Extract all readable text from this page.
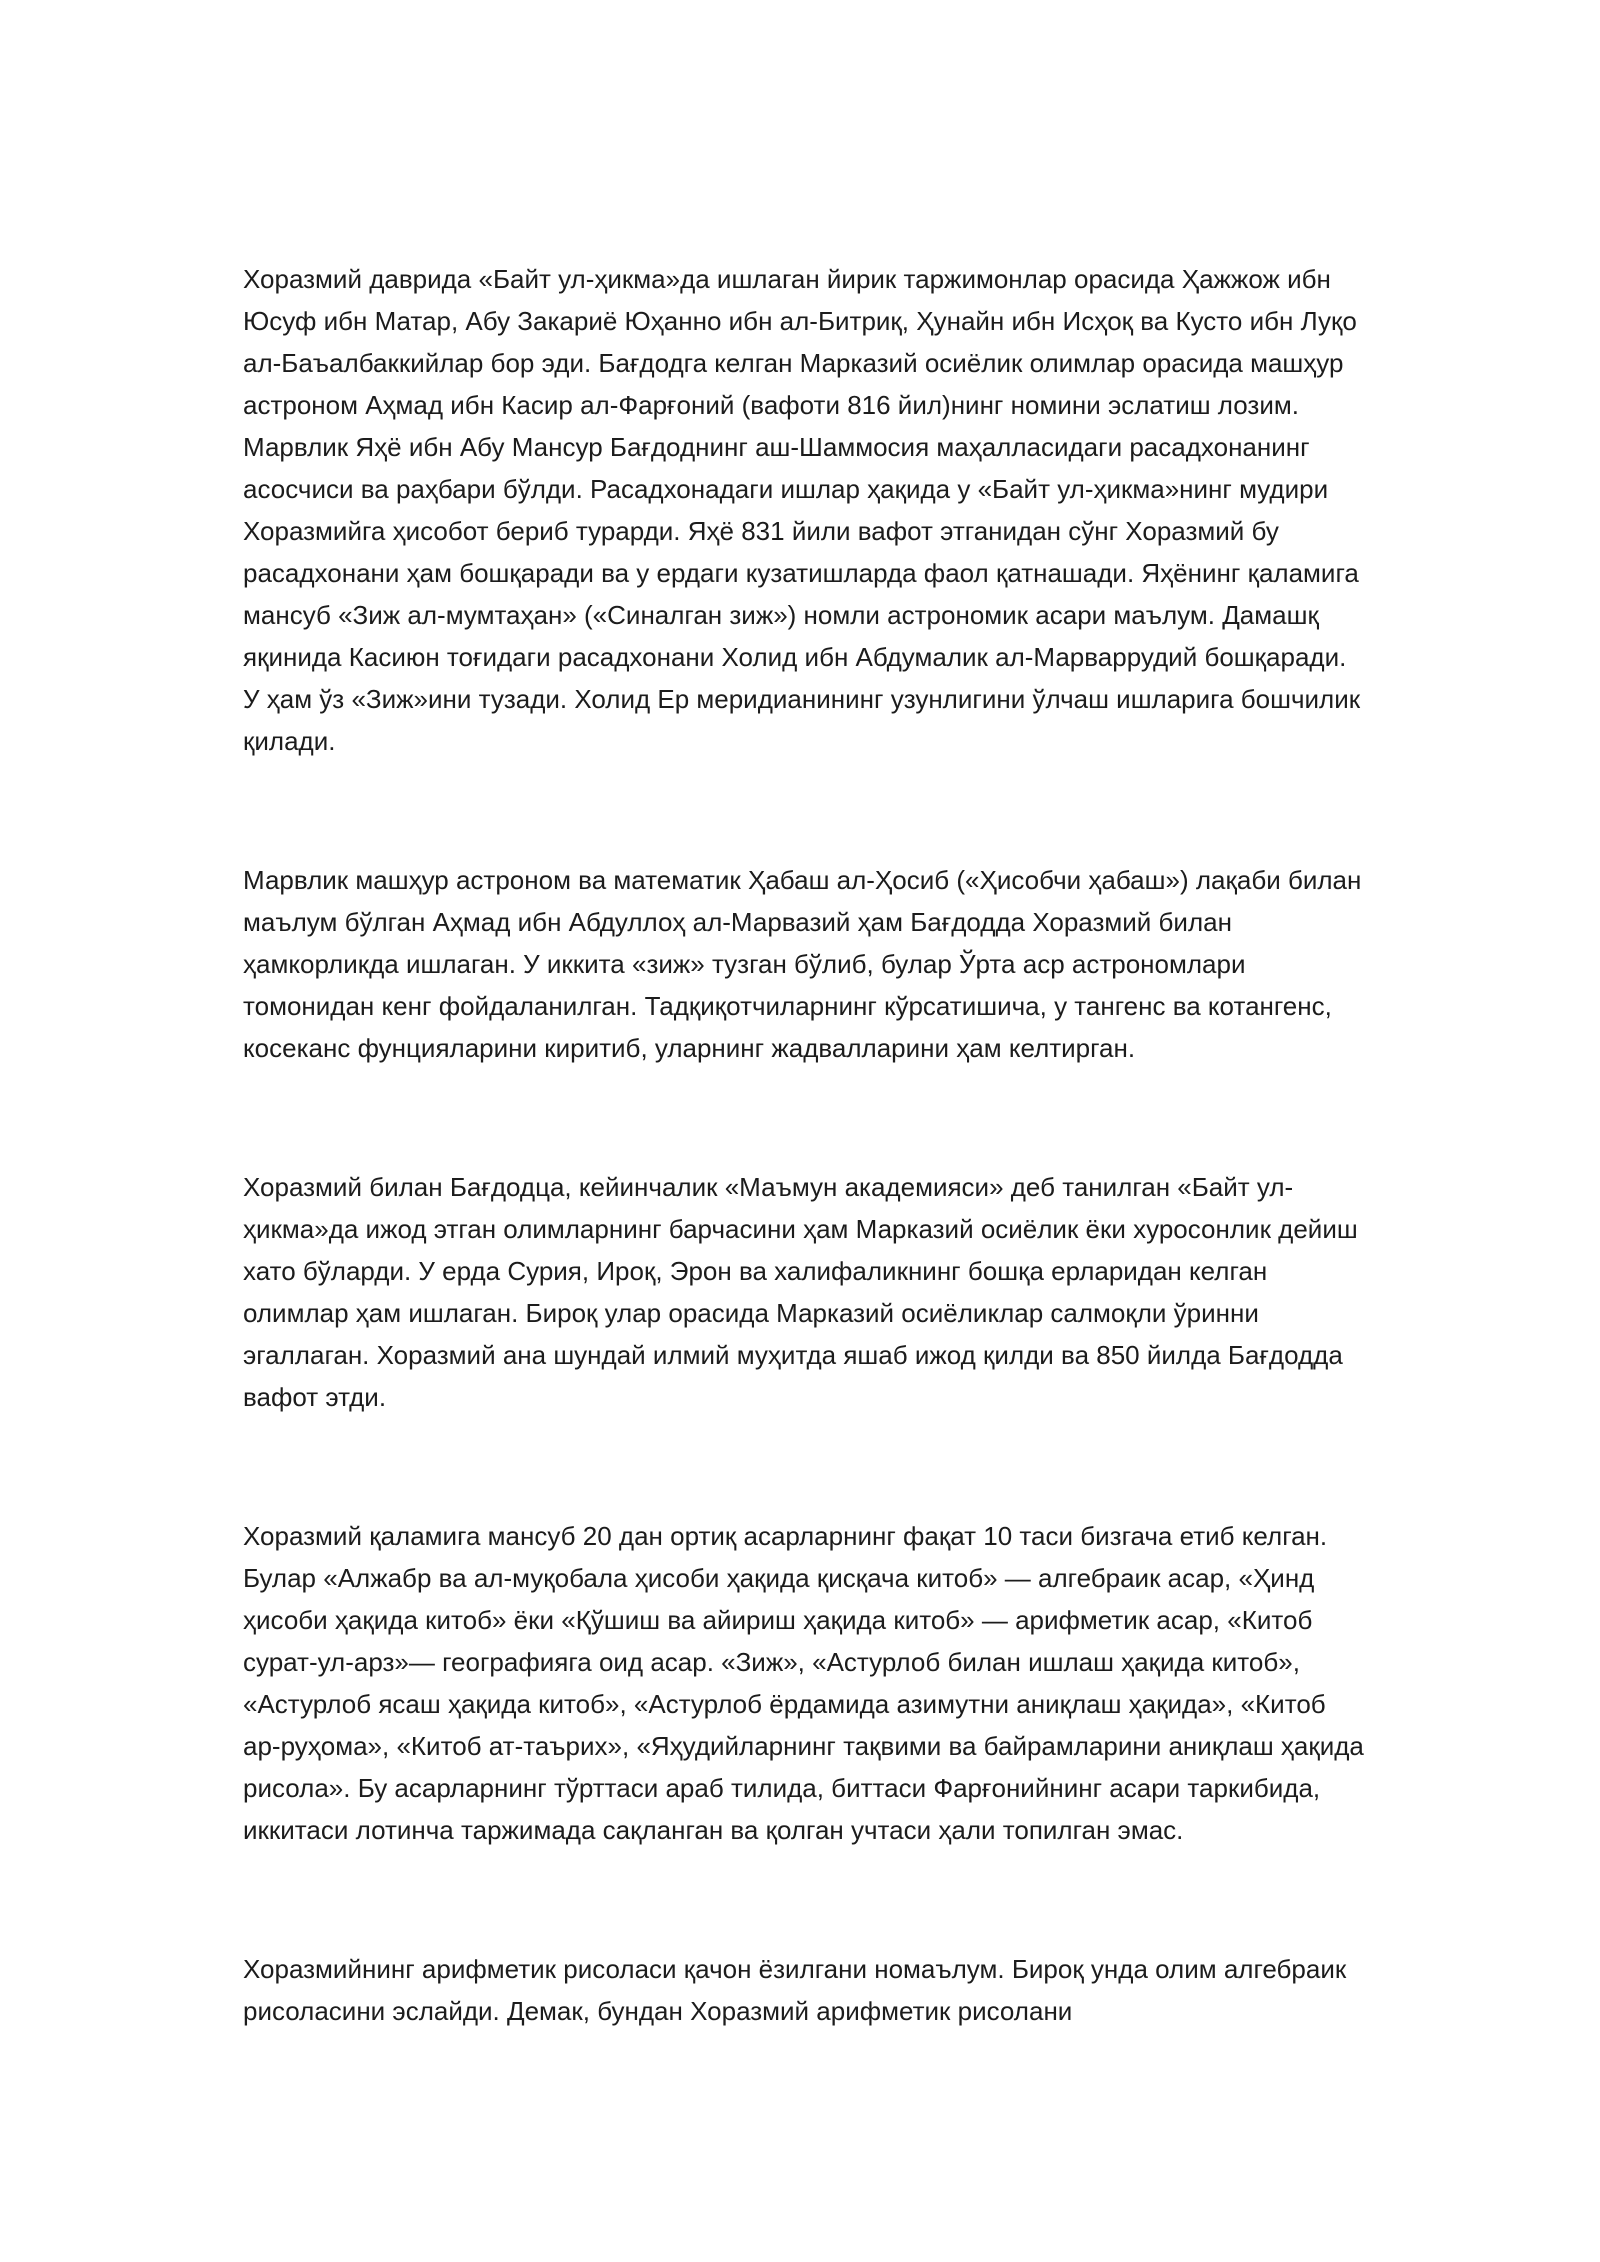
Хоразмий даврида «Байт ул-ҳикма»да ишлаган йирик таржимонлар орасида Ҳажжож ибн Юсуф ибн Матар, Абу Закариё Юҳанно ибн ал-Битриқ, Ҳунайн ибн Исҳоқ ва Кусто ибн Луқо ал-Баъалбаккийлар бор эди. Бағдодга келган Марказий осиёлик олимлар орасида машҳур астроном Аҳмад ибн Касир ал-Фарғоний (вафоти 816 йил)нинг номини эслатиш лозим. Марвлик Яҳё ибн Абу Мансур Бағдоднинг аш-Шаммосия маҳалласидаги расадхонанинг асосчиси ва раҳбари бўлди. Расадхонадаги ишлар ҳақида у «Байт ул-ҳикма»нинг мудири Хоразмийга ҳисобот бериб турарди. Яҳё 831 йили вафот этганидан сўнг Хоразмий бу расадхонани ҳам бошқаради ва у ердаги кузатишларда фаол қатнашади. Яҳёнинг қаламига мансуб «Зиж ал-мумтаҳан» («Синалган зиж») номли астрономик асари маълум. Дамашқ яқинида Касиюн тоғидаги расадхонани Холид ибн Абдумалик ал-Марваррудий бошқаради. У ҳам ўз «Зиж»ини тузади. Холид Ер меридианининг узунлигини ўлчаш ишларига бошчилик қилади.

Марвлик машҳур астроном ва математик Ҳабаш ал-Ҳосиб («Ҳисобчи ҳабаш») лақаби билан маълум бўлган Аҳмад ибн Абдуллоҳ ал-Марвазий ҳам Бағдодда Хоразмий билан ҳамкорликда ишлаган. У иккита «зиж» тузган бўлиб, булар Ўрта аср астрономлари томонидан кенг фойдаланилган. Тадқиқотчиларнинг кўрсатишича, у тангенс ва котангенс, косеканс фунцияларини киритиб, уларнинг жадвалларини ҳам келтирган.

Хоразмий билан Бағдодца, кейинчалик «Маъмун академияси» деб танилган «Байт ул-ҳикма»да ижод этган олимларнинг барчасини ҳам Марказий осиёлик ёки хуросонлик дейиш хато бўларди. У ерда Сурия, Ироқ, Эрон ва халифаликнинг бошқа ерларидан келган олимлар ҳам ишлаган. Бироқ улар орасида Марказий осиёликлар салмоқли ўринни эгаллаган. Хоразмий ана шундай илмий муҳитда яшаб ижод қилди ва 850 йилда Бағдодда вафот этди.

Хоразмий қаламига мансуб 20 дан ортиқ асарларнинг фақат 10 таси бизгача етиб келган. Булар «Алжабр ва ал-муқобала ҳисоби ҳақида қисқача китоб» — алгебраик асар, «Ҳинд ҳисоби ҳақида китоб» ёки «Қўшиш ва айириш ҳақида китоб» — арифметик асар, «Китоб сурат-ул-арз»— географияга оид асар. «Зиж», «Астурлоб билан ишлаш ҳақида китоб», «Астурлоб ясаш ҳақида китоб», «Астурлоб ёрдамида азимутни аниқлаш ҳақида», «Китоб ар-руҳома», «Китоб ат-таърих», «Яҳудийларнинг тақвими ва байрамларини аниқлаш ҳақида рисола». Бу асарларнинг тўрттаси араб тилида, биттаси Фарғонийнинг асари таркибида, иккитаси лотинча таржимада сақланган ва қолган учтаси ҳали топилган эмас.

Хоразмийнинг арифметик рисоласи қачон ёзилгани номаълум. Бироқ унда олим алгебраик рисоласини эслайди. Демак, бундан Хоразмий арифметик рисолани
